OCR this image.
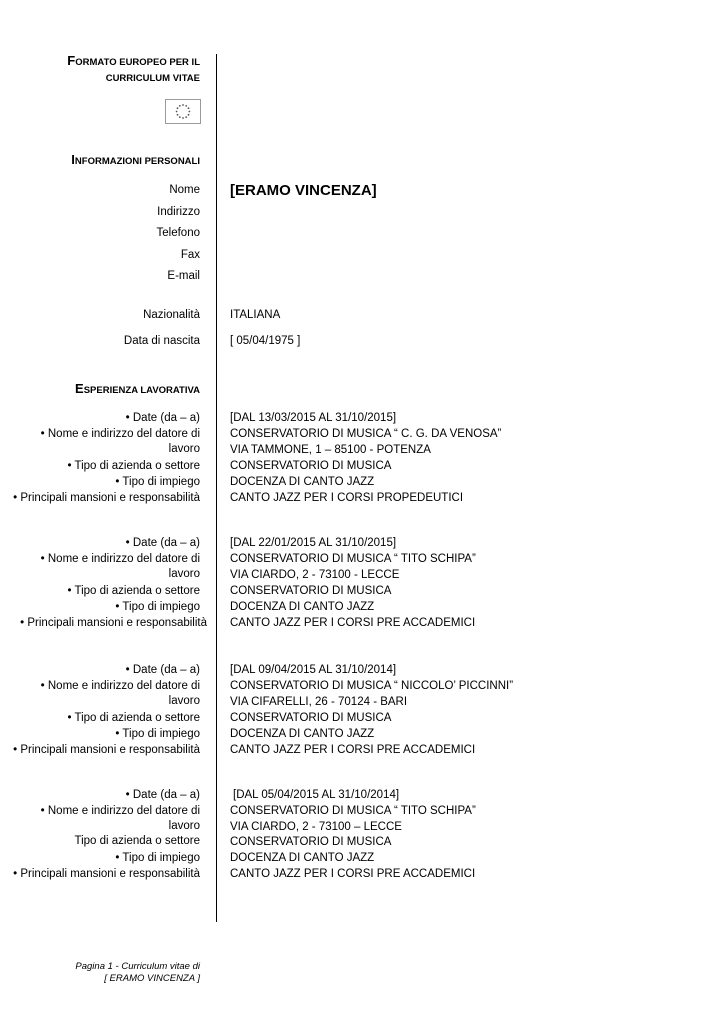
FORMATO EUROPEO PER IL
CURRICULUM VITAE
INFORMAZIONI PERSONALI
Nome [ERAMO VINCENZA]
Indirizzo
Telefono
Fax
E-mail
Nazionalità	ITALIANA
Data di nascita	[ 05/04/1975 ]
ESPERIENZA LAVORATIVA
• Date (da – a)
• Nome e indirizzo del datore di
lavoro
• Tipo di azienda o settore
• Tipo di impiego
• Principali mansioni e responsabilità
[DAL 13/03/2015 AL 31/10/2015]
CONSERVATORIO DI MUSICA “ C. G. DA VENOSA”
VIA TAMMONE, 1 – 85100 - POTENZA
CONSERVATORIO DI MUSICA
DOCENZA DI CANTO JAZZ
CANTO JAZZ PER I CORSI PROPEDEUTICI
• Date (da – a)
• Nome e indirizzo del datore di
lavoro
• Tipo di azienda o settore
• Tipo di impiego
• Principali mansioni e responsabilità
[DAL 22/01/2015 AL 31/10/2015]
CONSERVATORIO DI MUSICA “ TITO SCHIPA”
VIA CIARDO, 2 - 73100 - LECCE
CONSERVATORIO DI MUSICA
DOCENZA DI CANTO JAZZ
CANTO JAZZ PER I CORSI PRE ACCADEMICI
• Date (da – a)
• Nome e indirizzo del datore di
lavoro
• Tipo di azienda o settore
• Tipo di impiego
• Principali mansioni e responsabilità
[DAL 09/04/2015 AL 31/10/2014]
CONSERVATORIO DI MUSICA “ NICCOLO’ PICCINNI”
VIA CIFARELLI, 26 - 70124 - BARI
CONSERVATORIO DI MUSICA
DOCENZA DI CANTO JAZZ
CANTO JAZZ PER I CORSI PRE ACCADEMICI
• Date (da – a)
• Nome e indirizzo del datore di
lavoro
Tipo di azienda o settore
• Tipo di impiego
• Principali mansioni e responsabilità
[DAL 05/04/2015 AL 31/10/2014]
CONSERVATORIO DI MUSICA “ TITO SCHIPA”
VIA CIARDO, 2 - 73100 – LECCE
CONSERVATORIO DI MUSICA
DOCENZA DI CANTO JAZZ
CANTO JAZZ PER I CORSI PRE ACCADEMICI
Pagina 1 - Curriculum vitae di
[ ERAMO VINCENZA ]
